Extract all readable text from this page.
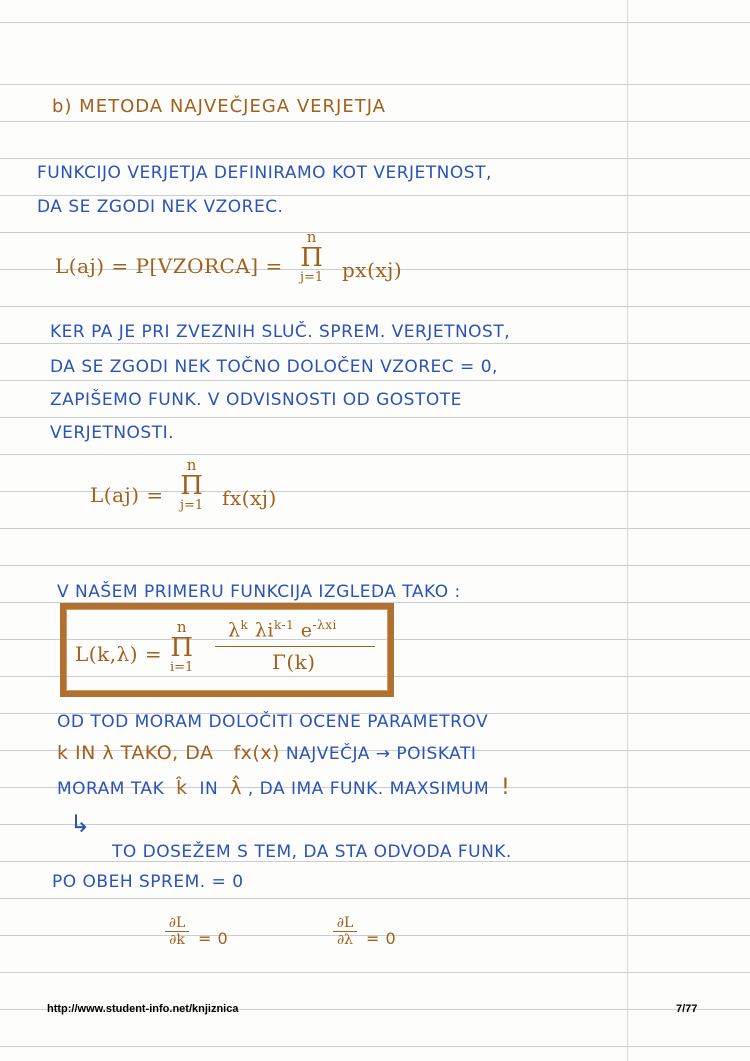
b) METODA NAJVEČJEGA VERJETJA
FUNKCIJO VERJETJA DEFINIRAMO KOT VERJETNOST,
DA SE ZGODI NEK VZOREC.
L(aj) = P[VZORCA] =
n
Π
j=1 px(xj)
KER PA JE PRI ZVEZNIH SLUČ. SPREM. VERJETNOST,
DA SE ZGODI NEK TOČNO DOLOČEN VZOREC = 0,
ZAPIŠEMO FUNK. V ODVISNOSTI OD GOSTOTE
VERJETNOSTI.
L(aj) =
n
Π
j=1 fx(xj)
V NAŠEM PRIMERU FUNKCIJA IZGLEDA TAKO :
L(k,λ) =
n
Π
i=1
$\lambda^k$ $\lambda i^{k-1}$ $e^{-\lambda xi}$
Γ(k)
OD TOD MORAM DOLOČITI OCENE PARAMETROV
k IN λ TAKO, DA fx(x) NAJVEČJA → POISKATI
MORAM TAK k̂ IN λ̂ , DA IMA FUNK. MAXSIMUM !
↳
TO DOSEŽEM S TEM, DA STA ODVODA FUNK.
PO OBEH SPREM. = 0
∂L
∂k = 0
∂L
∂λ = 0
http://www.student-info.net/knjiznica	7/77
